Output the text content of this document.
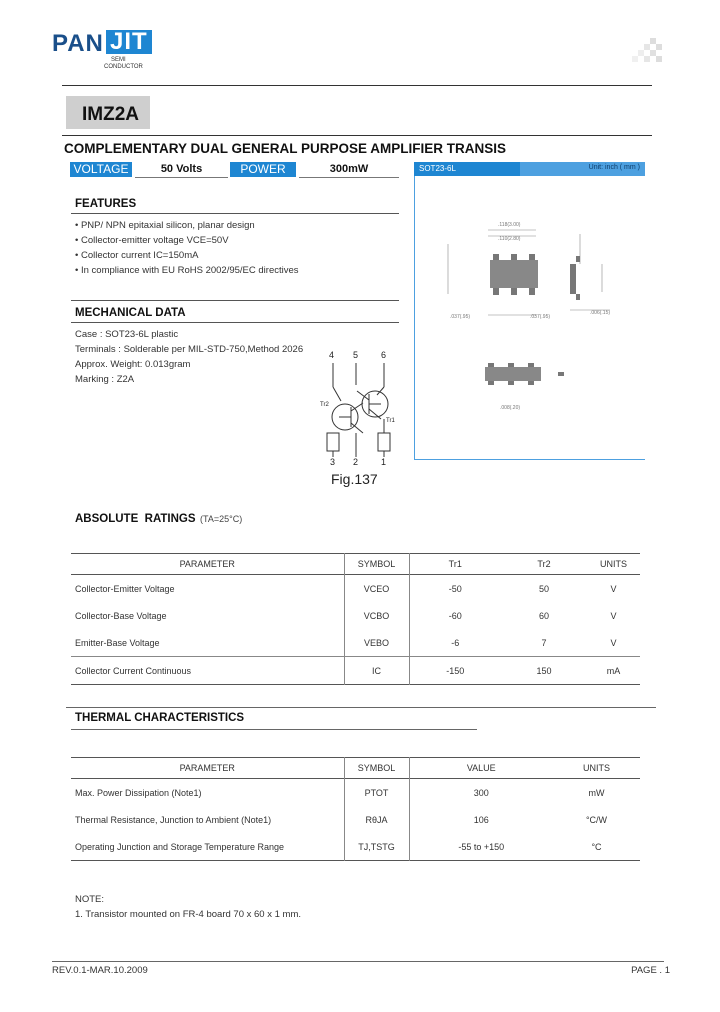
PAN JIT
SEMI
CONDUCTOR
IMZ2A
COMPLEMENTARY DUAL GENERAL PURPOSE AMPLIFIER TRANSIS
VOLTAGE	50 Volts	POWER	300mW	SOT23-6L	Unit: inch ( mm )
.118(3.00)
.110(2.80)
.037(.95)	.037(.95)
.006(.15)
.008(.20)
FEATURES
• PNP/ NPN epitaxial silicon, planar design
• Collector-emitter voltage VCE=50V
• Collector current IC=150mA
• In compliance with EU RoHS 2002/95/EC directives
MECHANICAL DATA
Case : SOT23-6L plastic
Terminals : Solderable per MIL-STD-750,Method 2026
Approx. Weight: 0.013gram
Marking : Z2A
4 5	6
Tr2
Tr1
3 2	1
Fig.137
ABSOLUTE  RATINGS (TA=25°C)
PARAMETER	SYMBOL	Tr1	Tr2	UNITS
Collector-Emitter Voltage	VCEO	-50	50	V
Collector-Base Voltage	VCBO	-60	60	V
Emitter-Base Voltage	VEBO	-6	7	V
Collector Current Continuous	IC	-150	150	mA
THERMAL CHARACTERISTICS
PARAMETER	SYMBOL	VALUE	UNITS
Max. Power Dissipation (Note1)	PTOT	300	mW
Thermal Resistance, Junction to Ambient (Note1)	RθJA	106	°C/W
Operating Junction and Storage Temperature Range	TJ,TSTG	-55 to +150	°C
NOTE:
1. Transistor mounted on FR-4 board 70 x 60 x 1 mm.
REV.0.1-MAR.10.2009	PAGE . 1
